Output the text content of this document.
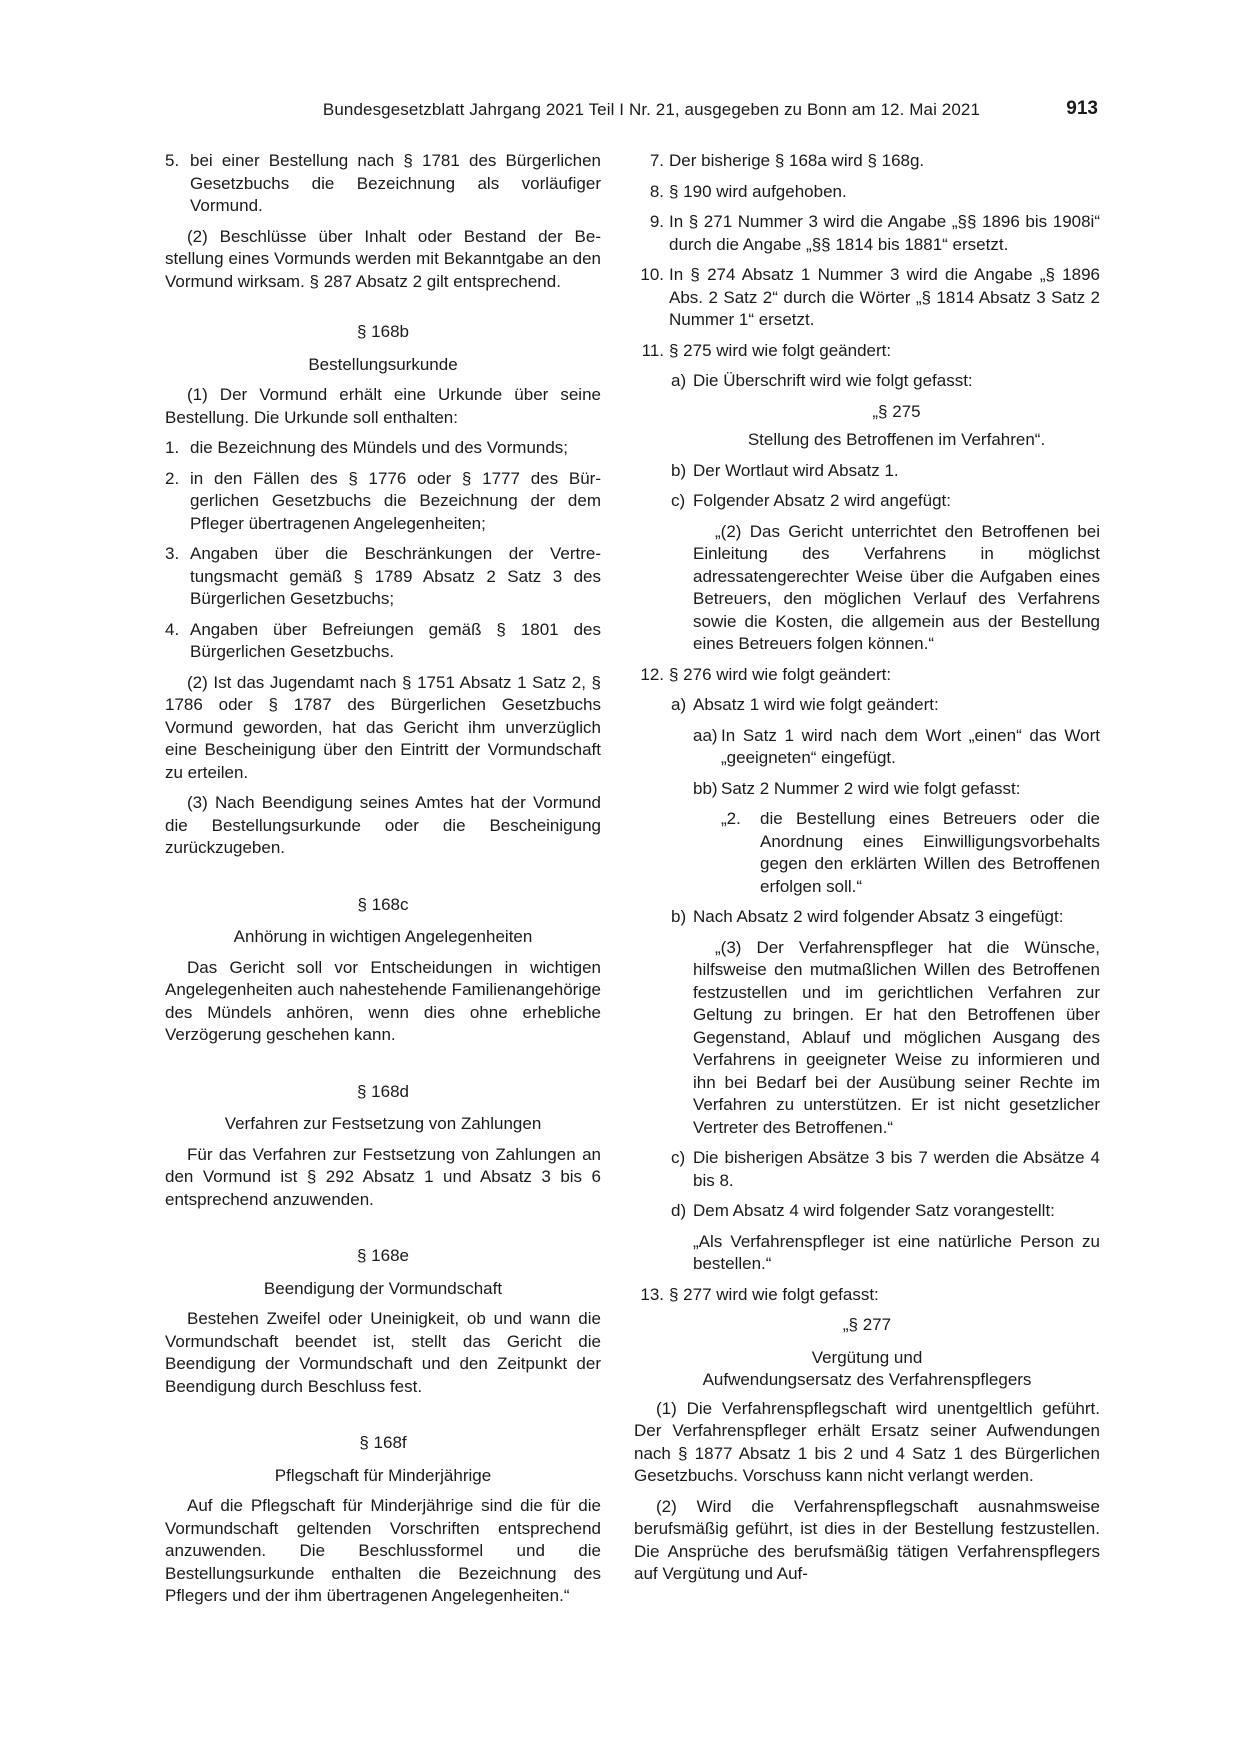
Bundesgesetzblatt Jahrgang 2021 Teil I Nr. 21, ausgegeben zu Bonn am 12. Mai 2021	913
5. bei einer Bestellung nach § 1781 des Bürgerlichen Gesetzbuchs die Bezeichnung als vorläufiger Vormund.

(2) Beschlüsse über Inhalt oder Bestand der Bestellung eines Vormunds werden mit Bekanntgabe an den Vormund wirksam. § 287 Absatz 2 gilt entsprechend.

§ 168b
Bestellungsurkunde

(1) Der Vormund erhält eine Urkunde über seine Bestellung. Die Urkunde soll enthalten:

1. die Bezeichnung des Mündels und des Vormunds;
2. in den Fällen des § 1776 oder § 1777 des Bürgerlichen Gesetzbuchs die Bezeichnung der dem Pfleger übertragenen Angelegenheiten;
3. Angaben über die Beschränkungen der Vertretungsmacht gemäß § 1789 Absatz 2 Satz 3 des Bürgerlichen Gesetzbuchs;
4. Angaben über Befreiungen gemäß § 1801 des Bürgerlichen Gesetzbuchs.

(2) Ist das Jugendamt nach § 1751 Absatz 1 Satz 2, § 1786 oder § 1787 des Bürgerlichen Gesetzbuchs Vormund geworden, hat das Gericht ihm unverzüglich eine Bescheinigung über den Eintritt der Vormundschaft zu erteilen.

(3) Nach Beendigung seines Amtes hat der Vormund die Bestellungsurkunde oder die Bescheinigung zurückzugeben.

§ 168c
Anhörung in wichtigen Angelegenheiten

Das Gericht soll vor Entscheidungen in wichtigen Angelegenheiten auch nahestehende Familienangehörige des Mündels anhören, wenn dies ohne erhebliche Verzögerung geschehen kann.

§ 168d
Verfahren zur Festsetzung von Zahlungen

Für das Verfahren zur Festsetzung von Zahlungen an den Vormund ist § 292 Absatz 1 und Absatz 3 bis 6 entsprechend anzuwenden.

§ 168e
Beendigung der Vormundschaft

Bestehen Zweifel oder Uneinigkeit, ob und wann die Vormundschaft beendet ist, stellt das Gericht die Beendigung der Vormundschaft und den Zeitpunkt der Beendigung durch Beschluss fest.

§ 168f
Pflegschaft für Minderjährige

Auf die Pflegschaft für Minderjährige sind die für die Vormundschaft geltenden Vorschriften entsprechend anzuwenden. Die Beschlussformel und die Bestellungsurkunde enthalten die Bezeichnung des Pflegers und der ihm übertragenen Angelegenheiten.“

7. Der bisherige § 168a wird § 168g.
8. § 190 wird aufgehoben.
9. In § 271 Nummer 3 wird die Angabe „§§ 1896 bis 1908i“ durch die Angabe „§§ 1814 bis 1881“ ersetzt.
10. In § 274 Absatz 1 Nummer 3 wird die Angabe „§ 1896 Abs. 2 Satz 2“ durch die Wörter „§ 1814 Absatz 3 Satz 2 Nummer 1“ ersetzt.
11. § 275 wird wie folgt geändert:
a) Die Überschrift wird wie folgt gefasst:
„§ 275
Stellung des Betroffenen im Verfahren“.
b) Der Wortlaut wird Absatz 1.
c) Folgender Absatz 2 wird angefügt:

„(2) Das Gericht unterrichtet den Betroffenen bei Einleitung des Verfahrens in möglichst adressatengerechter Weise über die Aufgaben eines Betreuers, den möglichen Verlauf des Verfahrens sowie die Kosten, die allgemein aus der Bestellung eines Betreuers folgen können.“

12. § 276 wird wie folgt geändert:
a) Absatz 1 wird wie folgt geändert:
aa) In Satz 1 wird nach dem Wort „einen“ das Wort „geeigneten“ eingefügt.
bb) Satz 2 Nummer 2 wird wie folgt gefasst:
„2. die Bestellung eines Betreuers oder die Anordnung eines Einwilligungsvorbehalts gegen den erklärten Willen des Betroffenen erfolgen soll.“
b) Nach Absatz 2 wird folgender Absatz 3 eingefügt:

„(3) Der Verfahrenspfleger hat die Wünsche, hilfsweise den mutmaßlichen Willen des Betroffenen festzustellen und im gerichtlichen Verfahren zur Geltung zu bringen. Er hat den Betroffenen über Gegenstand, Ablauf und möglichen Ausgang des Verfahrens in geeigneter Weise zu informieren und ihn bei Bedarf bei der Ausübung seiner Rechte im Verfahren zu unterstützen. Er ist nicht gesetzlicher Vertreter des Betroffenen.“

c) Die bisherigen Absätze 3 bis 7 werden die Absätze 4 bis 8.
d) Dem Absatz 4 wird folgender Satz vorangestellt:

„Als Verfahrenspfleger ist eine natürliche Person zu bestellen.“

13. § 277 wird wie folgt gefasst:
„§ 277
Vergütung und
Aufwendungsersatz des Verfahrenspflegers

(1) Die Verfahrenspflegschaft wird unentgeltlich geführt. Der Verfahrenspfleger erhält Ersatz seiner Aufwendungen nach § 1877 Absatz 1 bis 2 und 4 Satz 1 des Bürgerlichen Gesetzbuchs. Vorschuss kann nicht verlangt werden.

(2) Wird die Verfahrenspflegschaft ausnahmsweise berufsmäßig geführt, ist dies in der Bestellung festzustellen. Die Ansprüche des berufsmäßig tätigen Verfahrenspflegers auf Vergütung und Auf-
